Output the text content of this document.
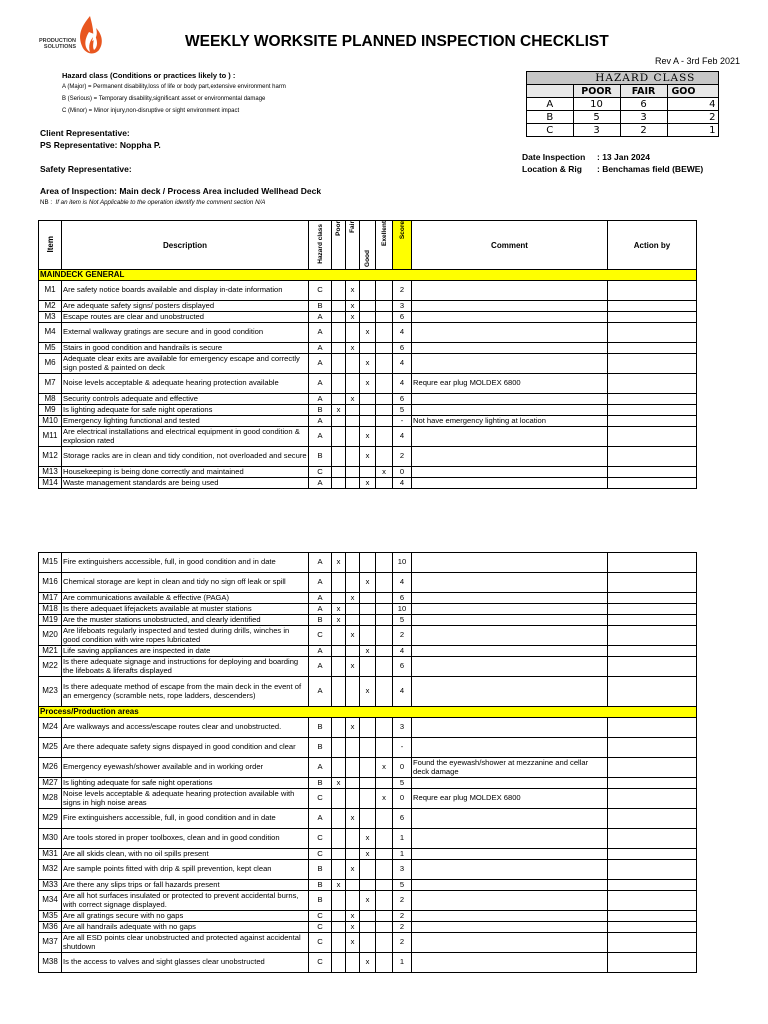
PRODUCTION
SOLUTIONS	WEEKLY WORKSITE PLANNED INSPECTION CHECKLIST
Rev A - 3rd Feb 2021
Hazard class (Conditions or practices likely to ) :
A (Major) = Permanent disability,loss of life or body part,extensive environment harm
B (Serious) = Temporary disability,significant asset or environmental damage
C (Minor) = Minor injury,non-disruptive or sight environment impact
	HAZARD CLASS		
	POOR	FAIR	GOO
A	10	6	4
B	5	3	2
C	3	2	1
Client Representative:
PS Representative: Noppha P.
Safety Representative:
Area of Inspection: Main deck / Process Area included Wellhead Deck
NB : If an item is Not Applicable to the operation identify the comment section N/A
Date Inspection : 13 Jan 2024
Location & Rig : Benchamas field (BEWE)
Item	Description	Hazard class	Poor	Fair	Good	Exellent	Score	Comment	Action by
MAINDECK GENERAL									
M1	Are safety notice boards available and display in-date information	C		x			2		
M2	Are adequate safety signs/ posters displayed	B		x			3		
M3	Escape routes are clear and unobstructed	A		x			6		
M4	External walkway gratings are secure and in good condition	A			x		4		
M5	Stairs in good condition and handrails is secure	A		x			6		
M6	Adequate clear exits are available for emergency escape and correctly sign posted & painted on deck	A			x		4		
M7	Noise levels acceptable & adequate hearing protection available	A			x		4	Requre ear plug MOLDEX 6800	
M8	Security controls adequate and effective	A		x			6		
M9	Is lighting adequate for safe night operations	B	x				5		
M10	Emergency lighting functional and tested	A					-	Not have emergency lighting at location	
M11	Are electrical installations and electrical equipment in good condition & explosion rated	A			x		4		
M12	Storage racks are in clean and tidy condition, not overloaded and secure	B			x		2		
M13	Housekeeping is being done correctly and maintained	C				x	0		
M14	Waste management standards are being used	A			x		4		
M15	Fire extinguishers accessible, full, in good condition and in date	A	x				10		
M16	Chemical storage are kept in clean and tidy no sign off leak or spill	A			x		4		
M17	Are communications available & effective (PAGA)	A		x			6		
M18	Is there adequaet lifejackets available at muster stations	A	x				10		
M19	Are the muster stations unobstructed, and clearly identified	B	x				5		
M20	Are lifeboats regularly inspected and tested during drills, winches in good condition with wire ropes lubricated	C		x			2		
M21	Life saving appliances are inspected in date	A			x		4		
M22	Is there adequate signage and instructions for deploying and boarding the lifeboats & liferafts displayed	A		x			6		
M23	Is there adequate method of escape from the main deck in the event of an emergency (scramble nets, rope ladders, descenders)	A			x		4		
Process/Production areas									
M24	Are walkways and access/escape routes clear and unobstructed.	B		x			3		
M25	Are there adequate safety signs dispayed in good condition and clear	B					-		
M26	Emergency eyewash/shower available and in working order	A				x	0	Found the eyewash/shower at mezzanine and cellar deck damage	
M27	Is lighting adequate for safe night operations	B	x				5		
M28	Noise levels acceptable & adequate hearing protection available with signs in high noise areas	C				x	0	Requre ear plug MOLDEX 6800	
M29	Fire extinguishers accessible, full, in good condition and in date	A		x			6		
M30	Are tools stored in proper toolboxes, clean and in good condition	C			x		1		
M31	Are all skids clean, with no oil spills present	C			x		1		
M32	Are sample points fitted with drip & spill prevention, kept clean	B		x			3		
M33	Are there any slips trips or fall hazards present	B	x				5		
M34	Are all hot surfaces insulated or protected to prevent accidental burns, with correct signage displayed.	B			x		2		
M35	Are all gratings secure with no gaps	C		x			2		
M36	Are all handrails adequate with no gaps	C		x			2		
M37	Are all ESD points clear unobstructed and protected against accidental shutdown	C		x			2		
M38	Is the access to valves and sight glasses clear unobstructed	C			x		1		
